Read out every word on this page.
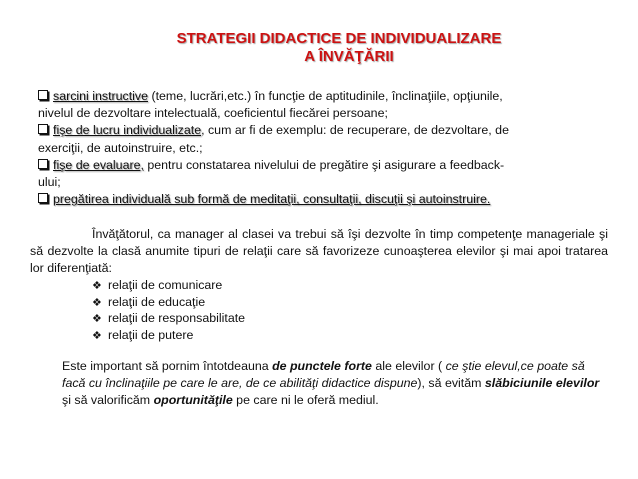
STRATEGII DIDACTICE DE INDIVIDUALIZARE
A ÎNVĂŢĂRII
sarcini instructive (teme, lucrări,etc.) în funcţie de aptitudinile, înclinaţiile, opţiunile,
nivelul de dezvoltare intelectuală, coeficientul fiecărei persoane;
fişe de lucru individualizate, cum ar fi de exemplu: de recuperare, de dezvoltare, de
exerciţii, de autoinstruire, etc.;
fişe de evaluare, pentru constatarea nivelului de pregătire şi asigurare a feedback-
ului;
pregătirea individuală sub formă de meditaţii, consultaţii, discuţii şi autoinstruire.
Învăţătorul, ca manager al clasei va trebui să îşi dezvolte în timp competenţe manageriale şi să dezvolte la clasă anumite tipuri de relaţii care să favorizeze cunoaşterea elevilor şi mai apoi tratarea lor diferenţiată:
❖ relaţii de comunicare
❖ relaţii de educaţie
❖ relaţii de responsabilitate
❖ relaţii de putere
Este important să pornim întotdeauna de punctele forte ale elevilor ( ce ştie elevul,ce poate să facă cu înclinaţiile pe care le are, de ce abilităţi didactice dispune), să evităm slăbiciunile elevilor şi să valorificăm oportunităţile pe care ni le oferă mediul.
